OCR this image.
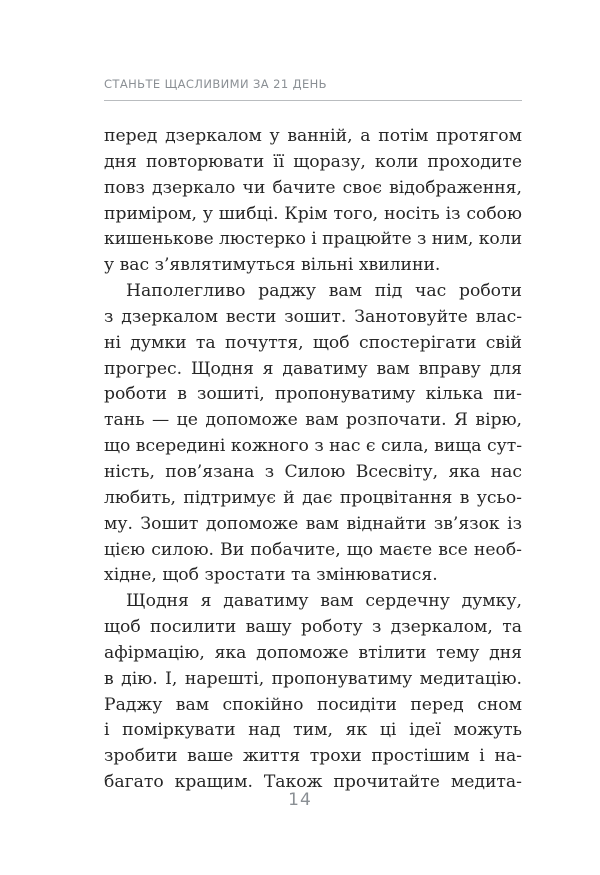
СТАНЬТЕ ЩАСЛИВИМИ ЗА 21 ДЕНЬ
перед дзеркалом у ванній, а потім протягом
дня повторювати її щоразу, коли проходите
повз дзеркало чи бачите своє відображення,
приміром, у шибці. Крім того, носіть із собою
кишенькове люстерко і працюйте з ним, коли
у вас з’являтимуться вільні хвилини.
Наполегливо раджу вам під час роботи
з дзеркалом вести зошит. Занотовуйте влас-
ні думки та почуття, щоб спостерігати свій
прогрес. Щодня я даватиму вам вправу для
роботи в зошиті, пропонуватиму кілька пи-
тань — це допоможе вам розпочати. Я вірю,
що всередині кожного з нас є сила, вища сут-
ність, пов’язана з Силою Всесвіту, яка нас
любить, підтримує й дає процвітання в усьо-
му. Зошит допоможе вам віднайти зв’язок із
цією силою. Ви побачите, що маєте все необ-
хідне, щоб зростати та змінюватися.
Щодня я даватиму вам сердечну думку,
щоб посилити вашу роботу з дзеркалом, та
афірмацію, яка допоможе втілити тему дня
в дію. І, нарешті, пропонуватиму медитацію.
Раджу вам спокійно посидіти перед сном
і поміркувати над тим, як ці ідеї можуть
зробити ваше життя трохи простішим і на-
багато кращим. Також прочитайте медита-
14
